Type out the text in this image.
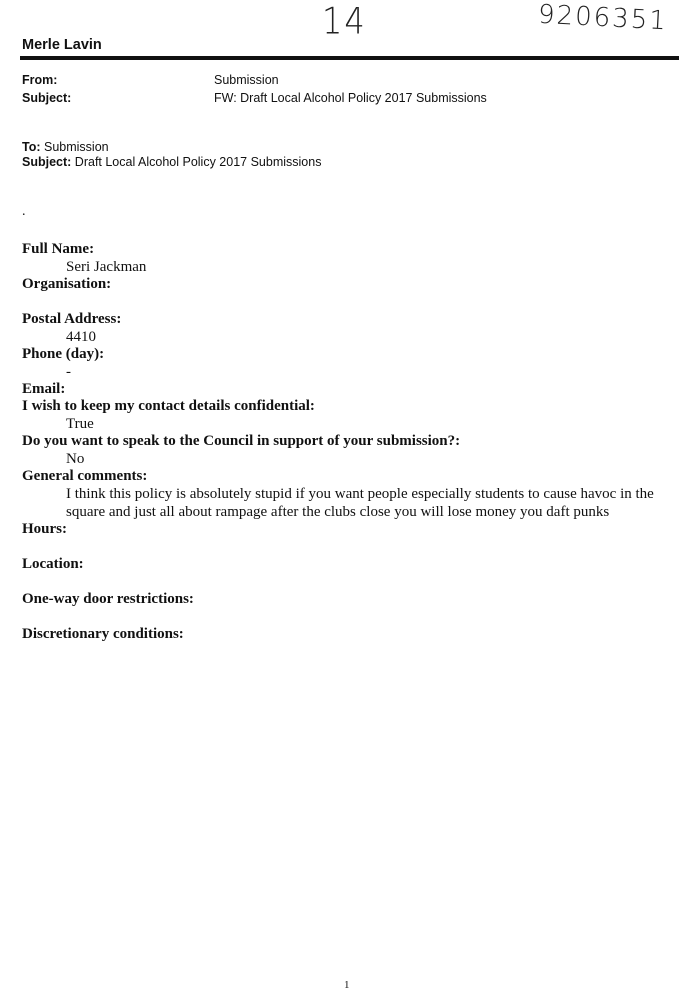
14	9206351
Merle Lavin
From:	Submission
Subject:	FW: Draft Local Alcohol Policy 2017 Submissions
To: Submission
Subject: Draft Local Alcohol Policy 2017 Submissions
.
Full Name:
Seri Jackman
Organisation:
Postal Address:
4410
Phone (day):
-
Email:
I wish to keep my contact details confidential:
True
Do you want to speak to the Council in support of your submission?:
No
General comments:
I think this policy is absolutely stupid if you want people especially students to cause havoc in the square and just all about rampage after the clubs close you will lose money you daft punks
Hours:
Location:
One-way door restrictions:
Discretionary conditions:
1
